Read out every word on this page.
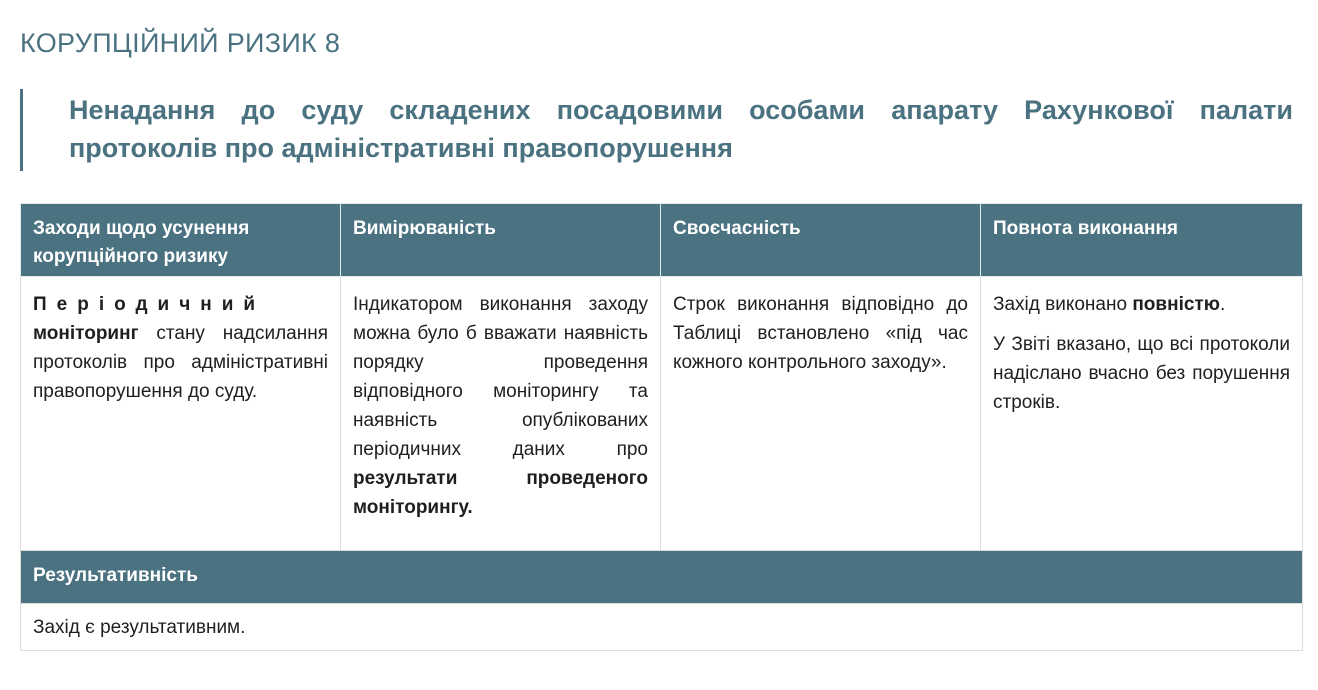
КОРУПЦІЙНИЙ РИЗИК 8
Ненадання до суду складених посадовими особами апарату Рахункової палати протоколів про адміністративні правопорушення
Заходи щодо усунення корупційного ризику	Вимірюваність	Своєчасність	Повнота виконання

Періодичний моніторинг стану надсилання протоколів про адміністративні правопорушення до суду.	Індикатором виконання заходу можна було б вважати наявність порядку проведення відповідного моніторингу та наявність опублікованих періодичних даних про результати проведеного моніторингу.	Строк виконання відповідно до Таблиці встановлено «під час кожного контрольного заходу».	Захід виконано повністю.

У Звіті вказано, що всі протоколи надіслано вчасно без порушення строків.

Результативність			
Захід є результативним.			
